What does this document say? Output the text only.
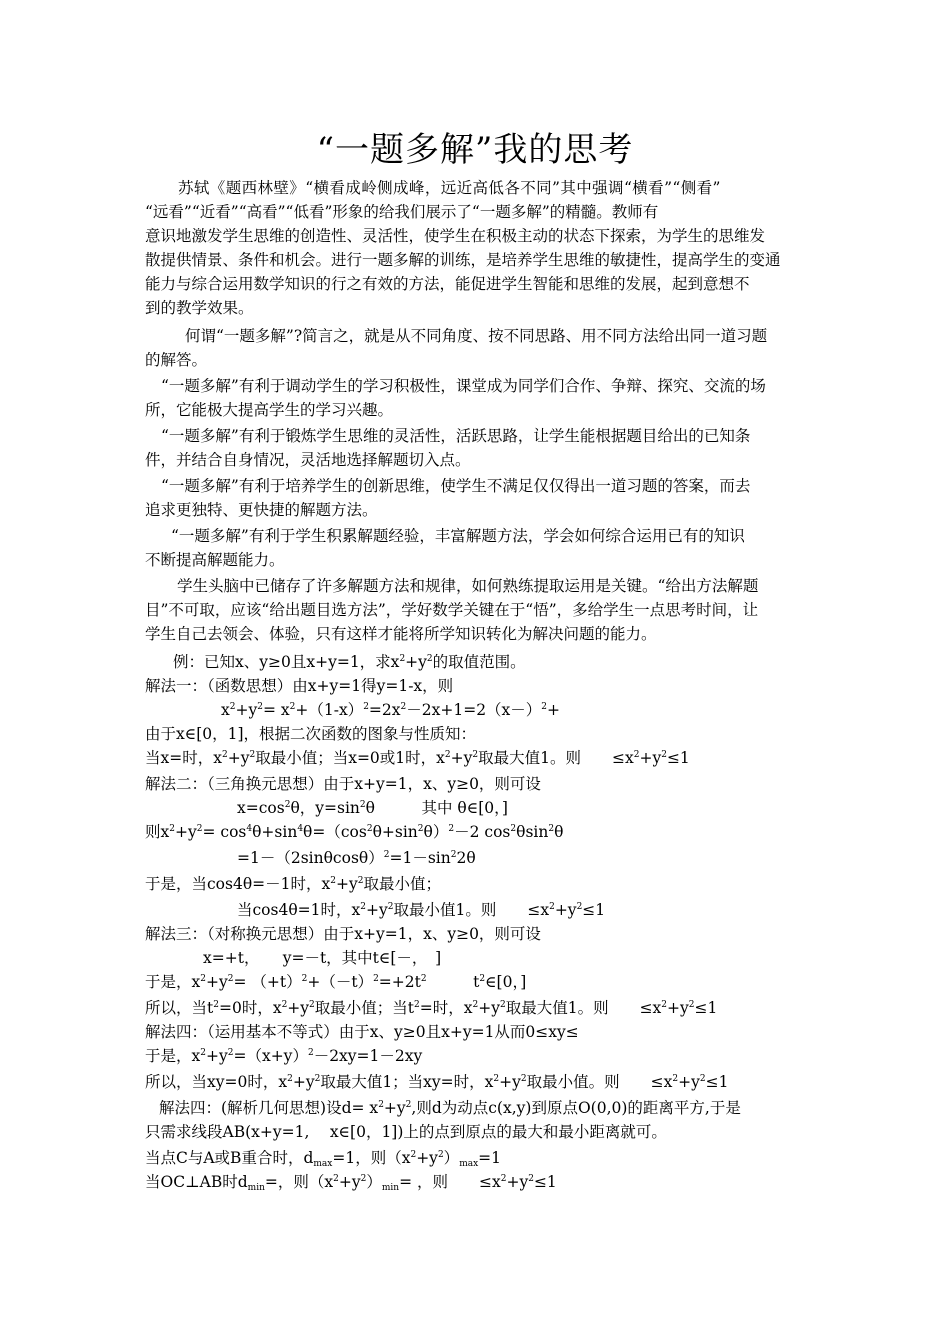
“一题多解”我的思考
苏轼《题西林壁》“横看成岭侧成峰，远近高低各不同”其中强调“横看”“侧看”
“远看”“近看”“高看”“低看”形象的给我们展示了“一题多解”的精髓。教师有
意识地激发学生思维的创造性、灵活性，使学生在积极主动的状态下探索，为学生的思维发
散提供情景、条件和机会。进行一题多解的训练，是培养学生思维的敏捷性，提高学生的变通
能力与综合运用数学知识的行之有效的方法，能促进学生智能和思维的发展，起到意想不
到的教学效果。
何谓“一题多解”?简言之，就是从不同角度、按不同思路、用不同方法给出同一道习题
的解答。
“一题多解”有利于调动学生的学习积极性，课堂成为同学们合作、争辩、探究、交流的场
所，它能极大提高学生的学习兴趣。
“一题多解”有利于锻炼学生思维的灵活性，活跃思路，让学生能根据题目给出的已知条
件，并结合自身情况，灵活地选择解题切入点。
“一题多解”有利于培养学生的创新思维，使学生不满足仅仅得出一道习题的答案，而去
追求更独特、更快捷的解题方法。
“一题多解”有利于学生积累解题经验，丰富解题方法，学会如何综合运用已有的知识
不断提高解题能力。
学生头脑中已储存了许多解题方法和规律，如何熟练提取运用是关键。“给出方法解题
目”不可取，应该“给出题目选方法”，学好数学关键在于“悟”，多给学生一点思考时间，让
学生自己去领会、体验，只有这样才能将所学知识转化为解决问题的能力。
例：已知x、y≥0且x+y=1，求$x^2+y^2$的取值范围。
解法一：（函数思想）由x+y=1得y=1-x，则
$x^2+y^2= x^2+(1-x)^2=2x^2-2x+1=2(x-)^2+$
由于x∈[0，1]，根据二次函数的图象与性质知：
当x=时，$x^2+y^2$取最小值；当x=0或1时，$x^2+y^2$取最大值1。则　　$\le x^2+y^2\le 1$
解法二：（三角换元思想）由于x+y=1，x、y≥0，则可设
$x=\cos^2\theta$，$y=\sin^2\theta$　　　其中 θ∈[0，]
则$x^2+y^2= \cos^4\theta+\sin^4\theta=(\cos^2\theta+\sin^2\theta)^2-2$ $\cos^2\theta\sin^2\theta$
$=1-(2\sin\theta\cos\theta)^2=1-\sin^22\theta$
于是，当cos4θ=－1时，$x^2+y^2$取最小值；
当cos4θ=1时，$x^2+y^2$取最小值1。则　　$\le x^2+y^2\le 1$
解法三：（对称换元思想）由于x+y=1，x、y≥0，则可设
x=+t，　　y=－t，其中t∈[－，　]
于是，$x^2+y^2= (+t)^2+(-t)^2=+2t^2$　　　$t^2\in[0$，]
所以，当$t^2=0$时，$x^2+y^2$取最小值；当$t^2=$时，$x^2+y^2$取最大值1。则　　$\le x^2+y^2\le 1$
解法四：（运用基本不等式）由于x、y≥0且x+y=1从而0≤xy≤
于是，$x^2+y^2=(x+y)^2-2xy=1-2xy$
所以，当xy=0时，$x^2+y^2$取最大值1；当xy=时，$x^2+y^2$取最小值。则　　$\le x^2+y^2\le 1$
解法四：(解析几何思想)设$d= x^2+y^2$,则d为动点c(x,y)到原点O(0,0)的距离平方,于是
只需求线段AB(x+y=1,　 x∈[0，1])上的点到原点的最大和最小距离就可。
当点C与A或B重合时，$d_{max}=1$，则$(x^2+y^2)_{max}=1$
当OC⊥AB时$d_{min}=$，则$(x^2+y^2)_{min}=$ ，则　　$\le x^2+y^2\le 1$
